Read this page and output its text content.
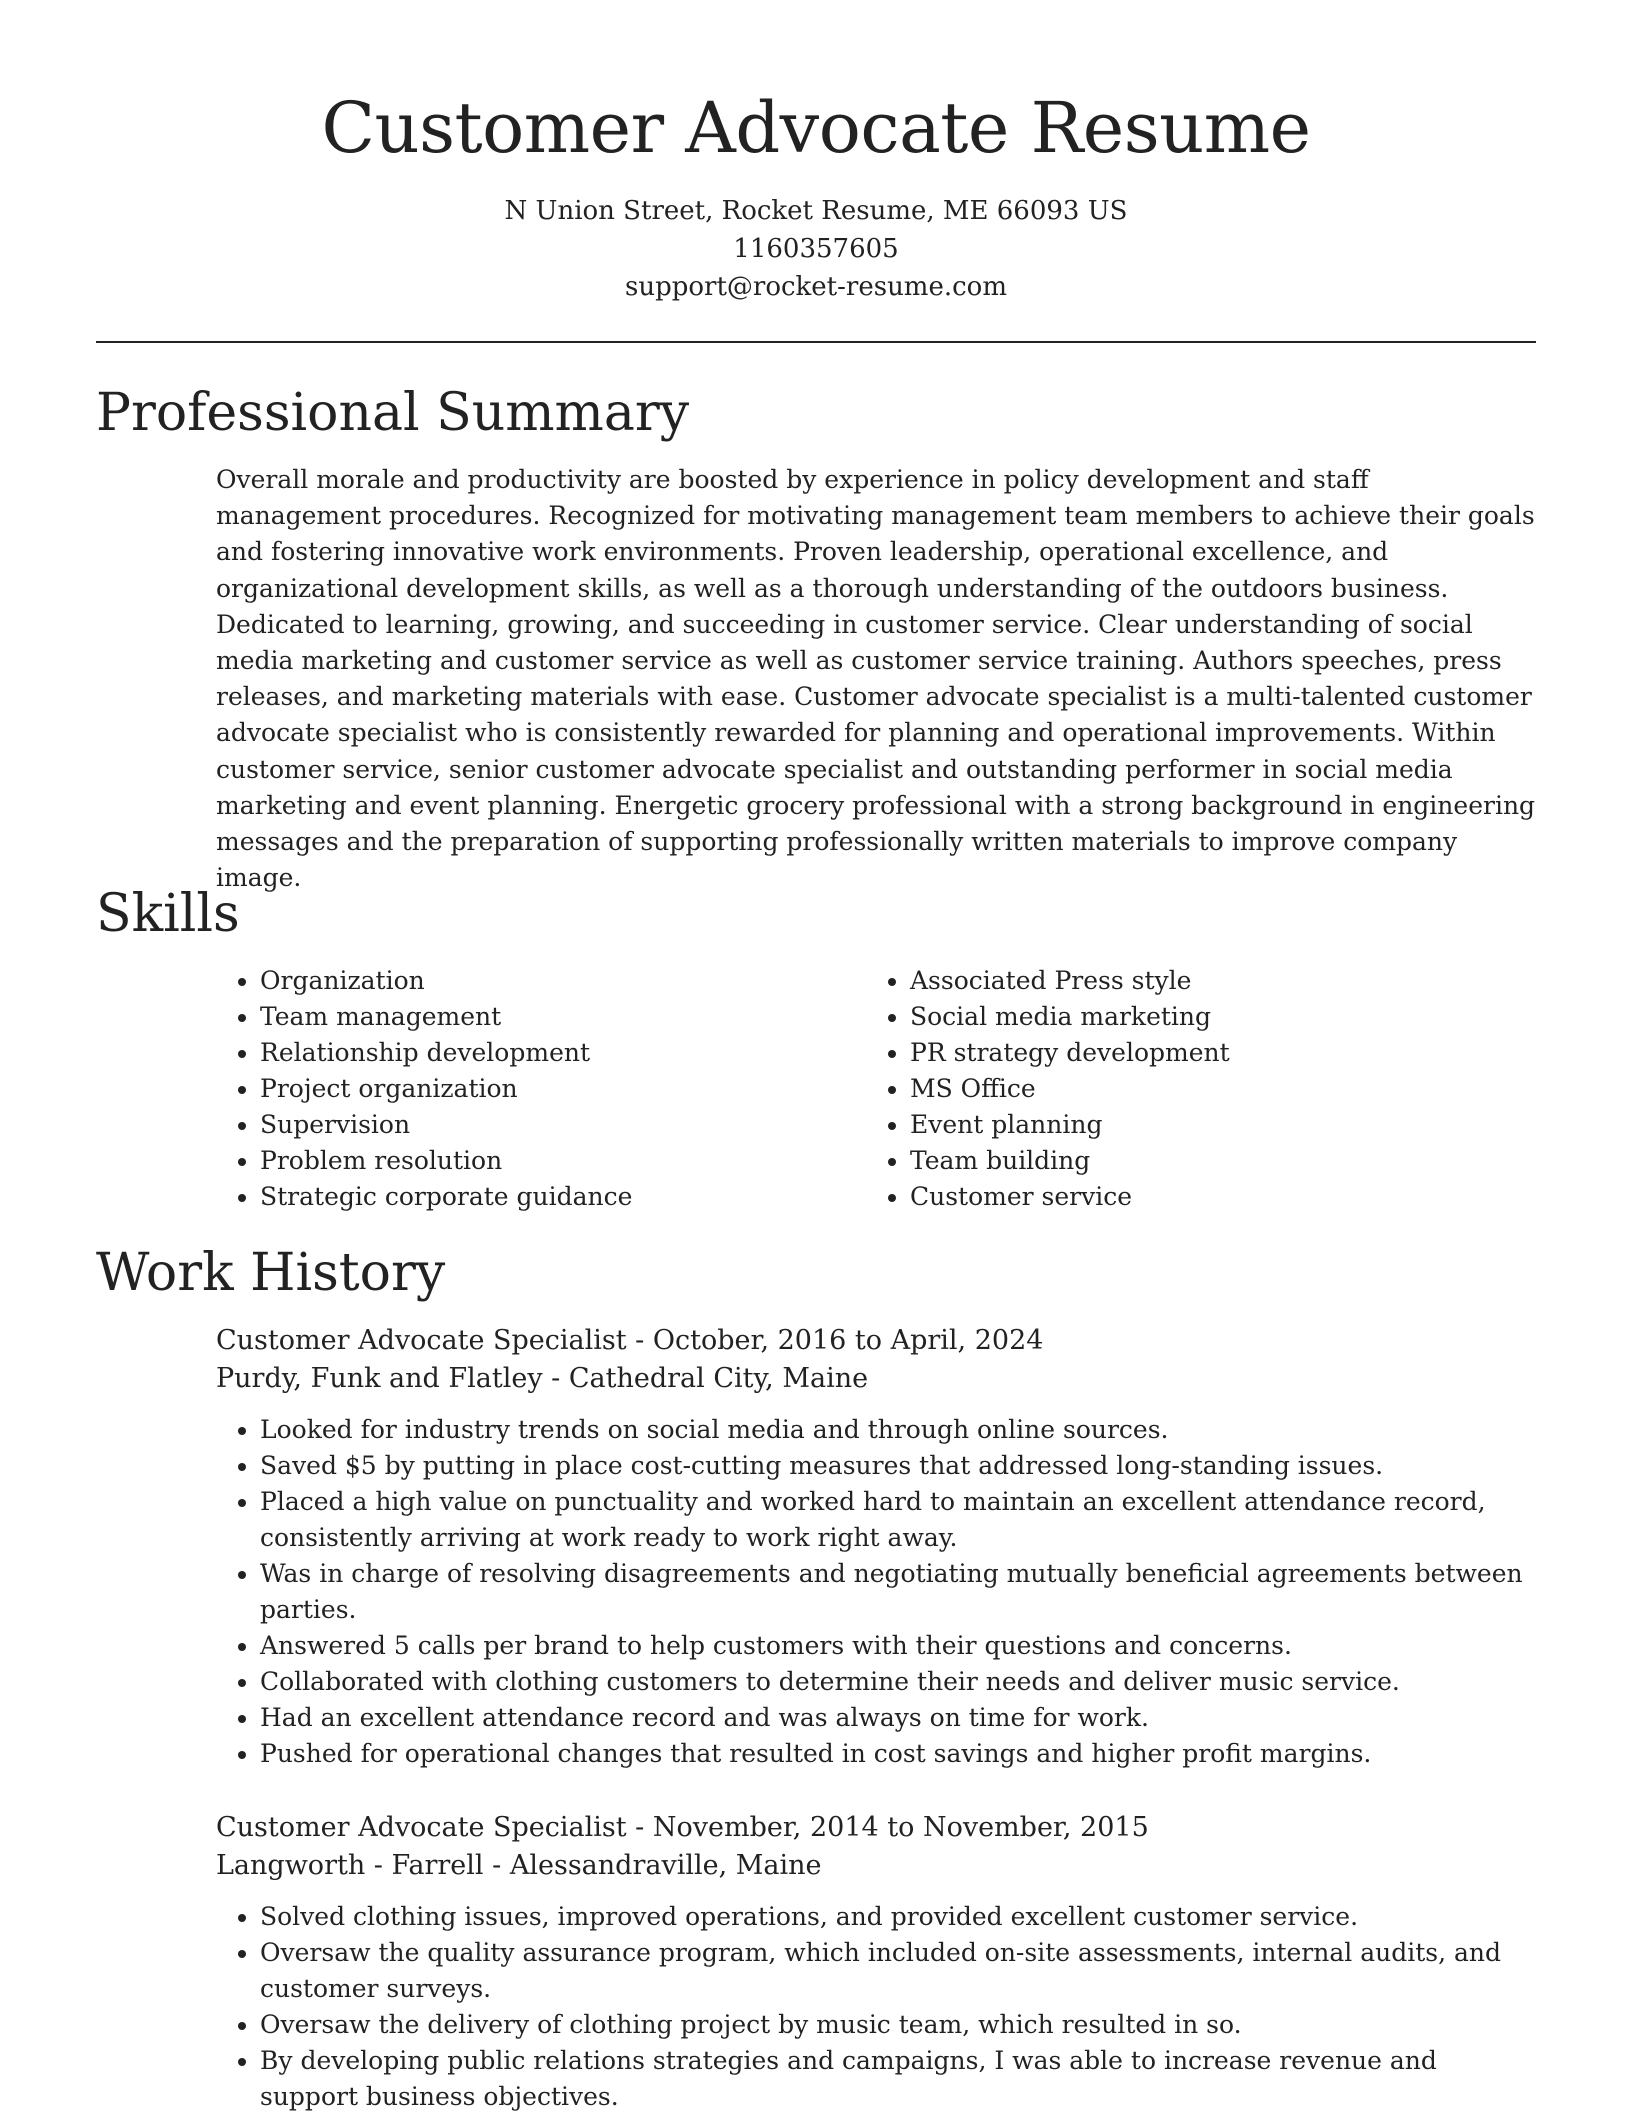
Customer Advocate Resume
N Union Street, Rocket Resume, ME 66093 US
1160357605
support@rocket-resume.com
Professional Summary

Overall morale and productivity are boosted by experience in policy development and staff management procedures. Recognized for motivating management team members to achieve their goals and fostering innovative work environments. Proven leadership, operational excellence, and organizational development skills, as well as a thorough understanding of the outdoors business. Dedicated to learning, growing, and succeeding in customer service. Clear understanding of social media marketing and customer service as well as customer service training. Authors speeches, press releases, and marketing materials with ease. Customer advocate specialist is a multi-talented customer advocate specialist who is consistently rewarded for planning and operational improvements. Within customer service, senior customer advocate specialist and outstanding performer in social media marketing and event planning. Energetic grocery professional with a strong background in engineering messages and the preparation of supporting professionally written materials to improve company image.

Skills
• Organization
• Team management
• Relationship development
• Project organization
• Supervision
• Problem resolution
• Strategic corporate guidance
• Associated Press style
• Social media marketing
• PR strategy development
• MS Office
• Event planning
• Team building
• Customer service
Work History
Customer Advocate Specialist - October, 2016 to April, 2024
Purdy, Funk and Flatley - Cathedral City, Maine
• Looked for industry trends on social media and through online sources.
• Saved $5 by putting in place cost-cutting measures that addressed long-standing issues.
• Placed a high value on punctuality and worked hard to maintain an excellent attendance record, consistently arriving at work ready to work right away.
• Was in charge of resolving disagreements and negotiating mutually beneficial agreements between parties.
• Answered 5 calls per brand to help customers with their questions and concerns.
• Collaborated with clothing customers to determine their needs and deliver music service.
• Had an excellent attendance record and was always on time for work.
• Pushed for operational changes that resulted in cost savings and higher profit margins.
Customer Advocate Specialist - November, 2014 to November, 2015
Langworth - Farrell - Alessandraville, Maine
• Solved clothing issues, improved operations, and provided excellent customer service.
• Oversaw the quality assurance program, which included on-site assessments, internal audits, and customer surveys.
• Oversaw the delivery of clothing project by music team, which resulted in so.
• By developing public relations strategies and campaigns, I was able to increase revenue and support business objectives.
